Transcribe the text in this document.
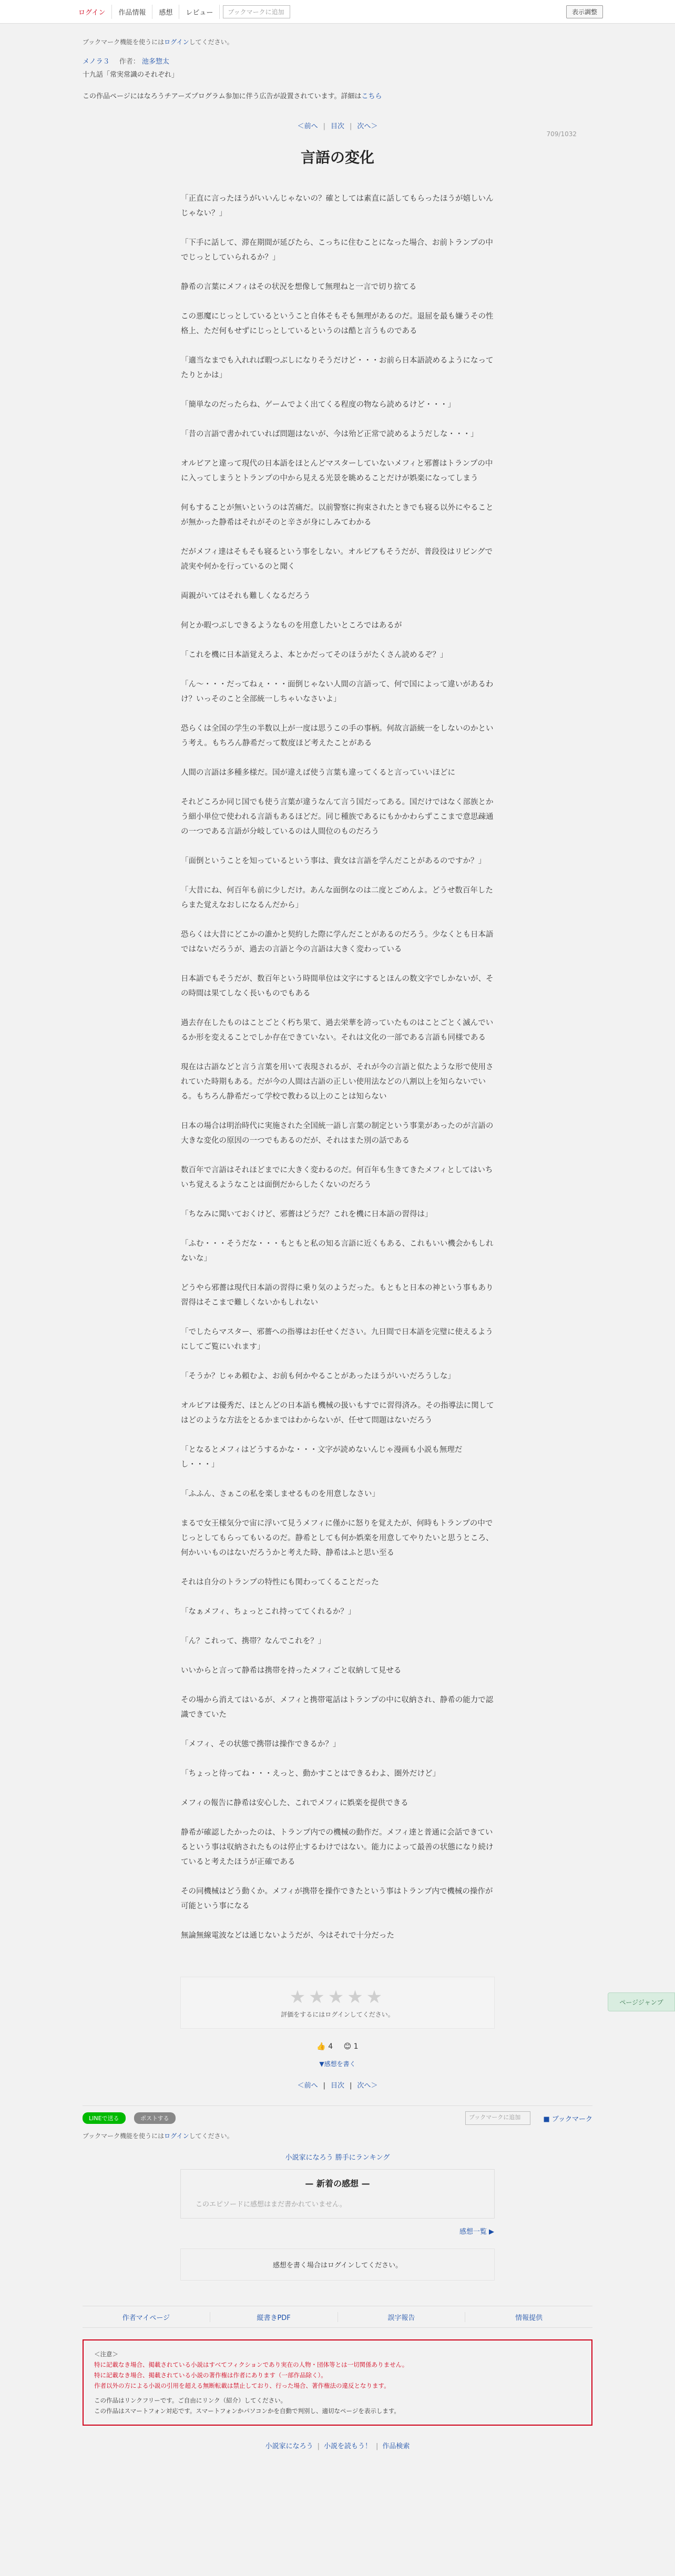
ログイン	作品情報	感想	レビュー	ブックマークに追加	表示調整
ブックマーク機能を使うにはログインしてください。
メノラ３ 作者： 池多惣太
十九話「常実常識のそれぞれ」
この作品ページにはなろうチアーズプログラム参加に伴う広告が設置されています。詳細はこちら
＜前へ | 目次 | 次へ＞
709/1032
言語の変化

「正直に言ったほうがいいんじゃないの？確としては素直に話してもらったほうが嬉しいんじゃない？」

「下手に話して、滞在期間が延びたら、こっちに住むことになった場合、お前トランプの中でじっとしていられるか？」

静希の言葉にメフィはその状況を想像して無理ねと一言で切り捨てる

この悪魔にじっとしているということ自体そもそも無理があるのだ。退屈を最も嫌うその性格上、ただ何もせずにじっとしているというのは酷と言うものである

「適当なまでも入れれば暇つぶしになりそうだけど・・・お前ら日本語読めるようになってたりとかは」

「簡単なのだったらね、ゲームでよく出てくる程度の物なら読めるけど・・・」

「昔の言語で書かれていれば問題はないが、今は殆ど正常で読めるようだしな・・・」

オルビアと違って現代の日本語をほとんどマスターしていないメフィと邪薔はトランプの中に入ってしまうとトランプの中から見える光景を眺めることだけが娯楽になってしまう

何もすることが無いというのは苦痛だ。以前警察に拘束されたときでも寝る以外にやることが無かった静希はそれがそのと辛さが身にしみてわかる

だがメフィ達はそもそも寝るという事をしない。オルビアもそうだが、普段役はリビングで読実や何かを行っているのと聞く

両親がいてはそれも難しくなるだろう

何とか暇つぶしできるようなものを用意したいところではあるが

「これを機に日本語覚えろよ、本とかだってそのほうがたくさん読めるぞ？」

「ん～・・・だってねぇ・・・面倒じゃない人間の言語って、何で国によって違いがあるわけ？いっそのこと全部統一しちゃいなさいよ」

恐らくは全国の学生の半数以上が一度は思うこの手の事柄。何故言語統一をしないのかという考え。もちろん静希だって数度ほど考えたことがある

人間の言語は多種多様だ。国が違えば使う言葉も違ってくると言っていいほどに

それどころか同じ国でも使う言葉が違うなんて言う国だってある。国だけではなく部族とかう細小単位で使われる言語もあるほどだ。同じ種族であるにもかかわらずここまで意思疎通の一つである言語が分岐しているのは人間位のものだろう

「面倒ということを知っているという事は、貴女は言語を学んだことがあるのですか？」

「大昔にね、何百年も前に少しだけ。あんな面倒なのは二度とごめんよ。どうせ数百年したらまた覚えなおしになるんだから」

恐らくは大昔にどこかの誰かと契約した際に学んだことがあるのだろう。少なくとも日本語ではないだろうが、過去の言語と今の言語は大きく変わっている

日本語でもそうだが、数百年という時間単位は文字にするとほんの数文字でしかないが、その時間は果てしなく長いものでもある

過去存在したものはことごとく朽ち果て、過去栄華を誇っていたものはことごとく滅んでいるか形を変えることでしか存在できていない。それは文化の一部である言語も同様である

現在は古語などと言う言葉を用いて表現されるが、それが今の言語と似たような形で使用されていた時期もある。だが今の人間は古語の正しい使用法などの八割以上を知らないでいる。もちろん静希だって学校で教わる以上のことは知らない

日本の場合は明治時代に実施された全国統一語し言葉の制定という事業があったのが言語の大きな変化の原因の一つでもあるのだが、それはまた別の話である

数百年で言語はそれほどまでに大きく変わるのだ。何百年も生きてきたメフィとしてはいちいち覚えるようなことは面倒だからしたくないのだろう

「ちなみに聞いておくけど、邪薔はどうだ？これを機に日本語の習得は」

「ふむ・・・そうだな・・・もともと私の知る言語に近くもある、これもいい機会かもしれないな」

どうやら邪薔は現代日本語の習得に乗り気のようだった。もともと日本の神という事もあり習得はそこまで難しくないかもしれない

「でしたらマスター、邪薔への指導はお任せください。九日間で日本語を完璧に使えるようにしてご覧にいれます」

「そうか？じゃあ頼むよ、お前も何かやることがあったほうがいいだろうしな」

オルビアは優秀だ、ほとんどの日本語も機械の扱いもすでに習得済み。その指導法に関してはどのような方法をとるかまではわからないが、任せて問題はないだろう

「となるとメフィはどうするかな・・・文字が読めないんじゃ漫画も小説も無理だし・・・」

「ふふん、さぁこの私を楽しませるものを用意しなさい」

まるで女王様気分で宙に浮いて見うメフィに僅かに怒りを覚えたが、何時もトランプの中でじっとしてもらってもいるのだ。静希としても何か娯楽を用意してやりたいと思うところ、何かいいものはないだろうかと考えた時、静希はふと思い至る

それは自分のトランプの特性にも関わってくることだった

「なぁメフィ、ちょっとこれ持っててくれるか？」

「ん？これって、携帯？なんでこれを？」

いいからと言って静希は携帯を持ったメフィごと収納して見せる

その場から消えてはいるが、メフィと携帯電話はトランプの中に収納され、静希の能力で認識できていた

「メフィ、その状態で携帯は操作できるか？」

「ちょっと待ってね・・・えっと、動かすことはできるわよ、圏外だけど」

メフィの報告に静希は安心した、これでメフィに娯楽を提供できる

静希が確認したかったのは、トランプ内での機械の動作だ。メフィ達と普通に会話できているという事は収納されたものは停止するわけではない。能力によって最善の状態になり続けていると考えたほうが正確である

その同機械はどう動くか。メフィが携帯を操作できたという事はトランプ内で機械の操作が可能という事になる

無論無線電波などは通じないようだが、今はそれで十分だった

★★★★★
評価をするにはログインしてください。
👍 4 😊 1
▼感想を書く
＜前へ | 目次 | 次へ＞
LINEで送る	ポストする	ブックマークに追加	■ ブックマーク
ブックマーク機能を使うにはログインしてください。
小説家になろう 勝手にランキング
— 新着の感想 —
このエピソードに感想はまだ書かれていません。
感想一覧 ▶
感想を書く場合はログインしてください。
作者マイページ	縦書きPDF	誤字報告	情報提供
＜注意＞
特に記載なき場合、掲載されている小説はすべてフィクションであり実在の人物・団体等とは一切関係ありません。
特に記載なき場合、掲載されている小説の著作権は作者にあります（一部作品除く）。
作者以外の方による小説の引用を超える無断転載は禁止しており、行った場合、著作権法の違反となります。
この作品はリンクフリーです。ご自由にリンク（紹介）してください。
この作品はスマートフォン対応です。スマートフォンかパソコンかを自動で判別し、適切なページを表示します。
小説家になろう | 小説を読もう！ | 作品検索
ページジャンプ
